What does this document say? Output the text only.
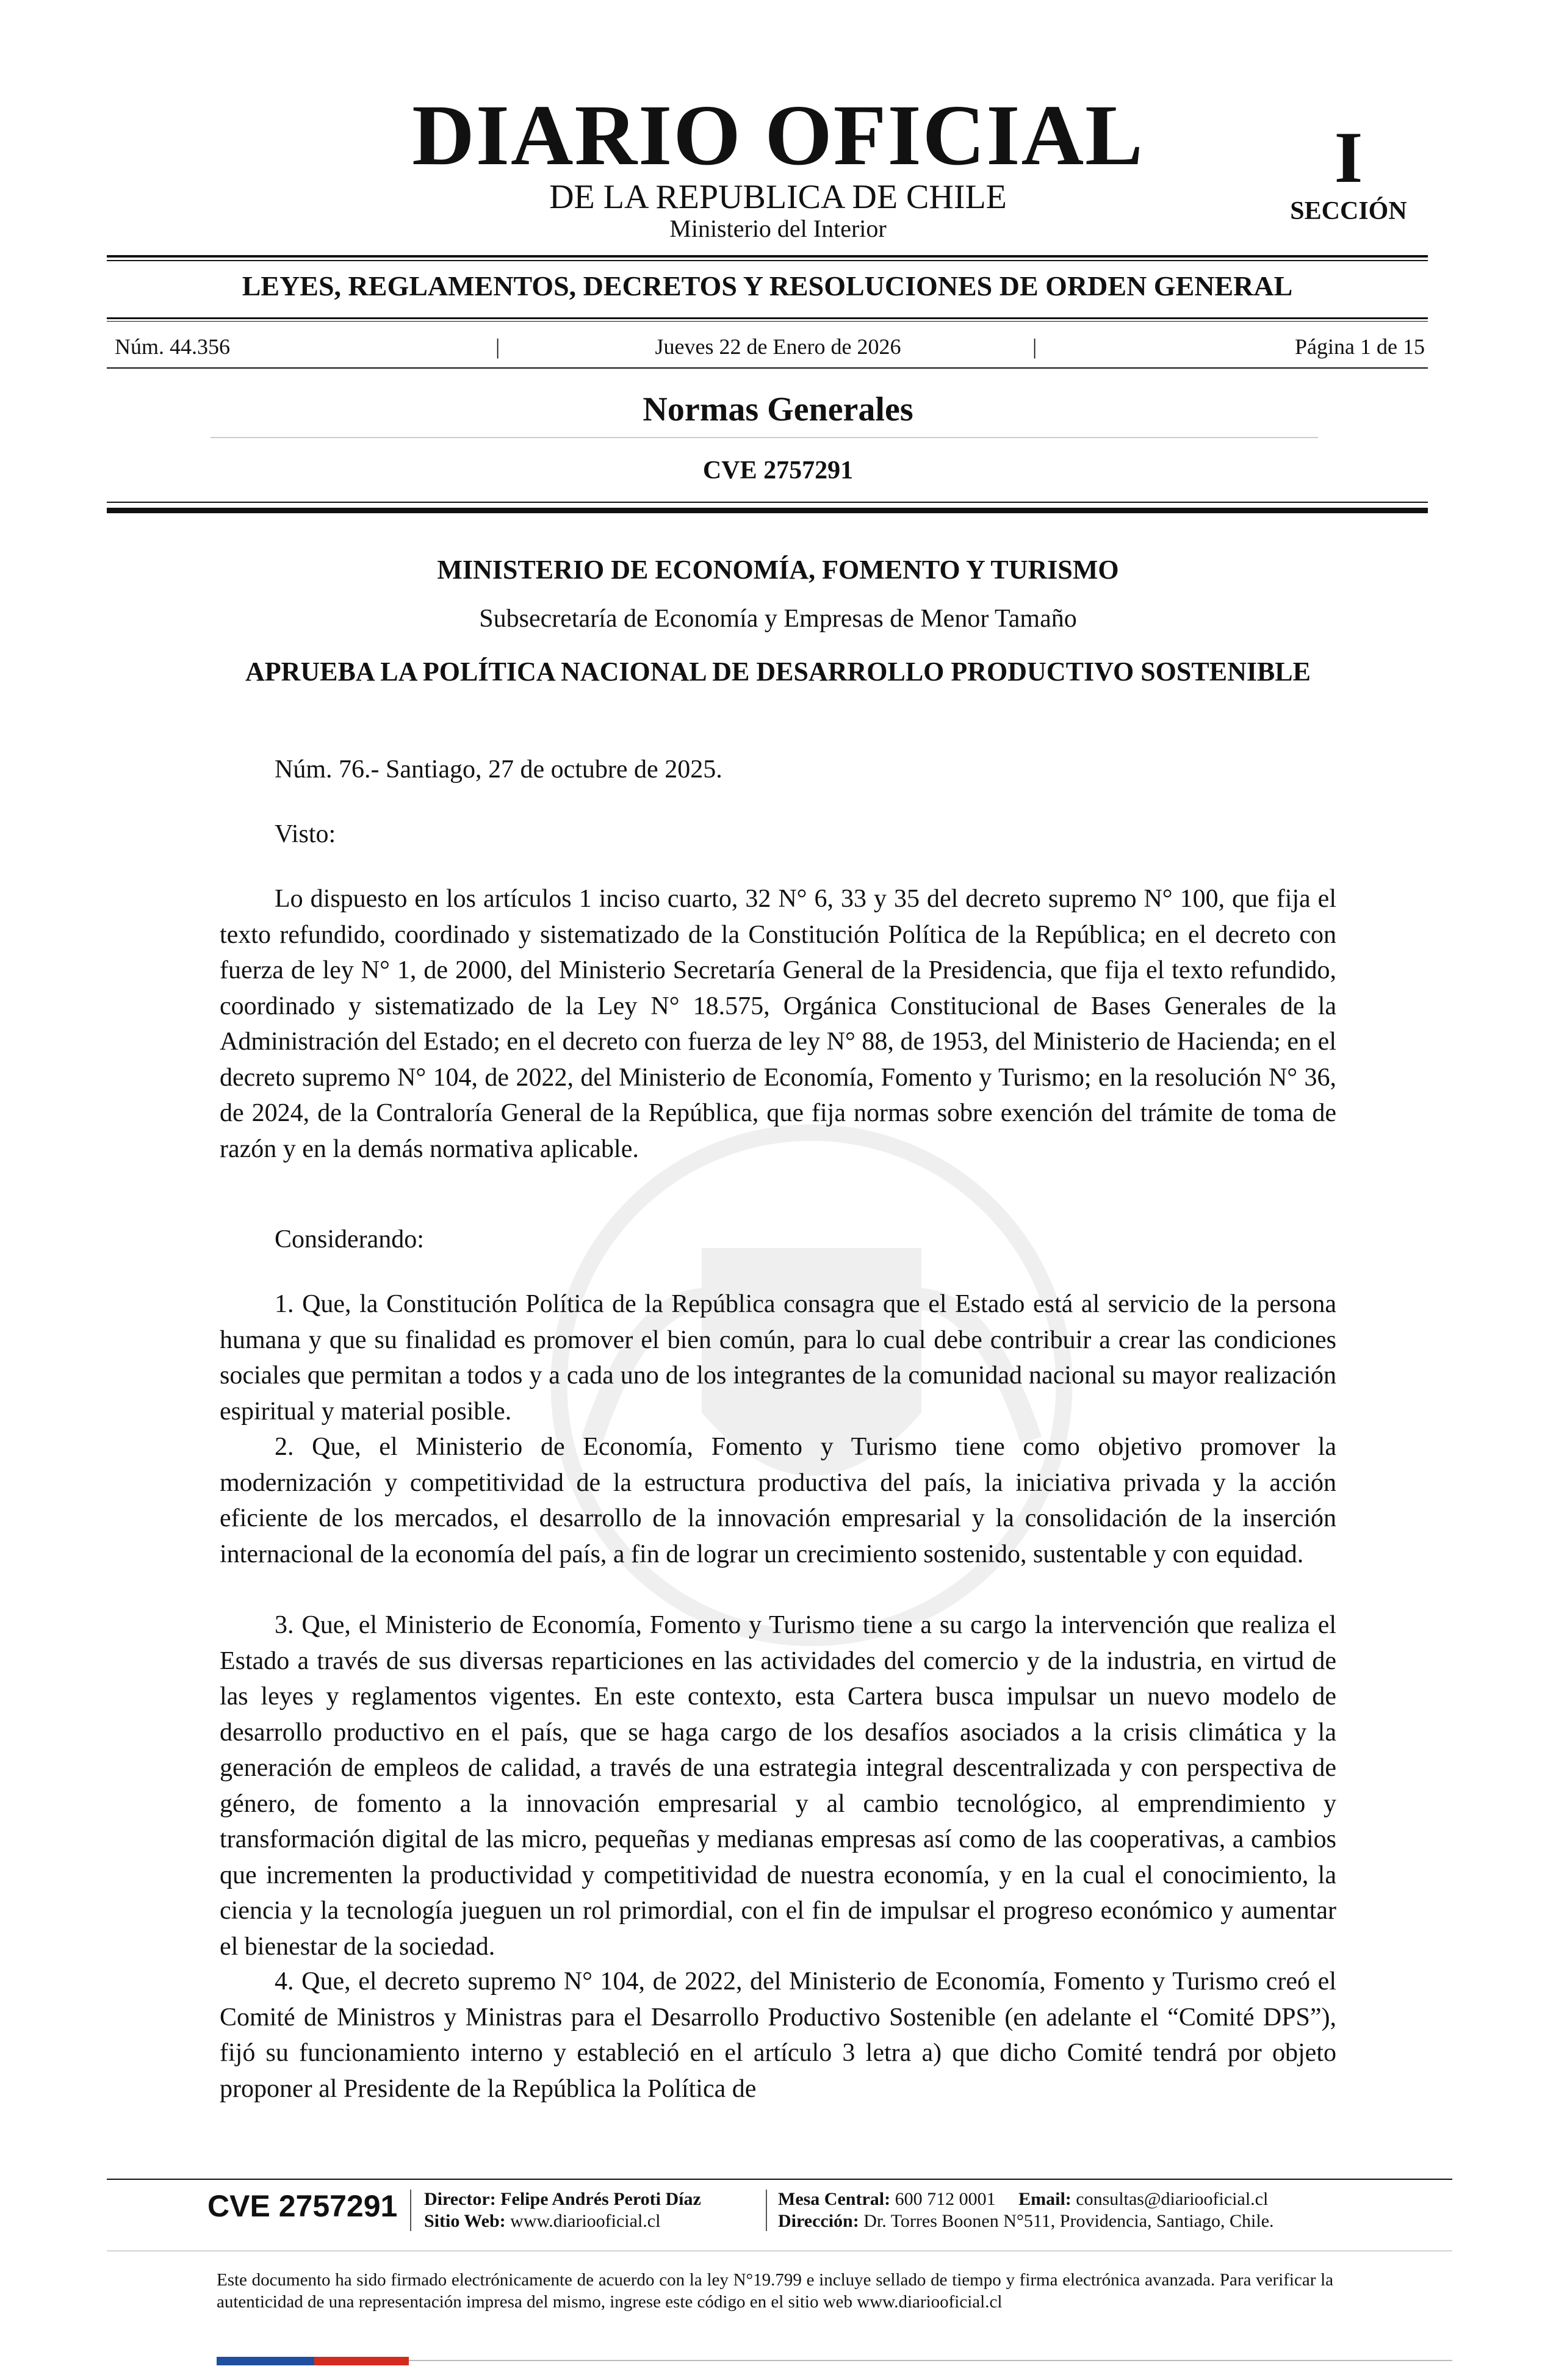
DIARIO OFICIAL
DE LA REPUBLICA DE CHILE
Ministerio del Interior
I
SECCIÓN
LEYES, REGLAMENTOS, DECRETOS Y RESOLUCIONES DE ORDEN GENERAL
Núm. 44.356	|	Jueves 22 de Enero de 2026	|	Página 1 de 15
Normas Generales
CVE 2757291
MINISTERIO DE ECONOMÍA, FOMENTO Y TURISMO
Subsecretaría de Economía y Empresas de Menor Tamaño
APRUEBA LA POLÍTICA NACIONAL DE DESARROLLO PRODUCTIVO SOSTENIBLE
Núm. 76.- Santiago, 27 de octubre de 2025.
Visto:
Lo dispuesto en los artículos 1 inciso cuarto, 32 N° 6, 33 y 35 del decreto supremo N° 100, que fija el texto refundido, coordinado y sistematizado de la Constitución Política de la República; en el decreto con fuerza de ley N° 1, de 2000, del Ministerio Secretaría General de la Presidencia, que fija el texto refundido, coordinado y sistematizado de la Ley N° 18.575, Orgánica Constitucional de Bases Generales de la Administración del Estado; en el decreto con fuerza de ley N° 88, de 1953, del Ministerio de Hacienda; en el decreto supremo N° 104, de 2022, del Ministerio de Economía, Fomento y Turismo; en la resolución N° 36, de 2024, de la Contraloría General de la República, que fija normas sobre exención del trámite de toma de razón y en la demás normativa aplicable.
Considerando:
1. Que, la Constitución Política de la República consagra que el Estado está al servicio de la persona humana y que su finalidad es promover el bien común, para lo cual debe contribuir a crear las condiciones sociales que permitan a todos y a cada uno de los integrantes de la comunidad nacional su mayor realización espiritual y material posible.
2. Que, el Ministerio de Economía, Fomento y Turismo tiene como objetivo promover la modernización y competitividad de la estructura productiva del país, la iniciativa privada y la acción eficiente de los mercados, el desarrollo de la innovación empresarial y la consolidación de la inserción internacional de la economía del país, a fin de lograr un crecimiento sostenido, sustentable y con equidad.
3. Que, el Ministerio de Economía, Fomento y Turismo tiene a su cargo la intervención que realiza el Estado a través de sus diversas reparticiones en las actividades del comercio y de la industria, en virtud de las leyes y reglamentos vigentes. En este contexto, esta Cartera busca impulsar un nuevo modelo de desarrollo productivo en el país, que se haga cargo de los desafíos asociados a la crisis climática y la generación de empleos de calidad, a través de una estrategia integral descentralizada y con perspectiva de género, de fomento a la innovación empresarial y al cambio tecnológico, al emprendimiento y transformación digital de las micro, pequeñas y medianas empresas así como de las cooperativas, a cambios que incrementen la productividad y competitividad de nuestra economía, y en la cual el conocimiento, la ciencia y la tecnología jueguen un rol primordial, con el fin de impulsar el progreso económico y aumentar el bienestar de la sociedad.
4. Que, el decreto supremo N° 104, de 2022, del Ministerio de Economía, Fomento y Turismo creó el Comité de Ministros y Ministras para el Desarrollo Productivo Sostenible (en adelante el “Comité DPS”), fijó su funcionamiento interno y estableció en el artículo 3 letra a) que dicho Comité tendrá por objeto proponer al Presidente de la República la Política de
CVE 2757291 Director: Felipe Andrés Peroti Díaz
Sitio Web: www.diariooficial.cl
Mesa Central: 600 712 0001 Email: consultas@diariooficial.cl
Dirección: Dr. Torres Boonen N°511, Providencia, Santiago, Chile.
Este documento ha sido firmado electrónicamente de acuerdo con la ley N°19.799 e incluye sellado de tiempo y firma electrónica avanzada. Para verificar la autenticidad de una representación impresa del mismo, ingrese este código en el sitio web www.diariooficial.cl
